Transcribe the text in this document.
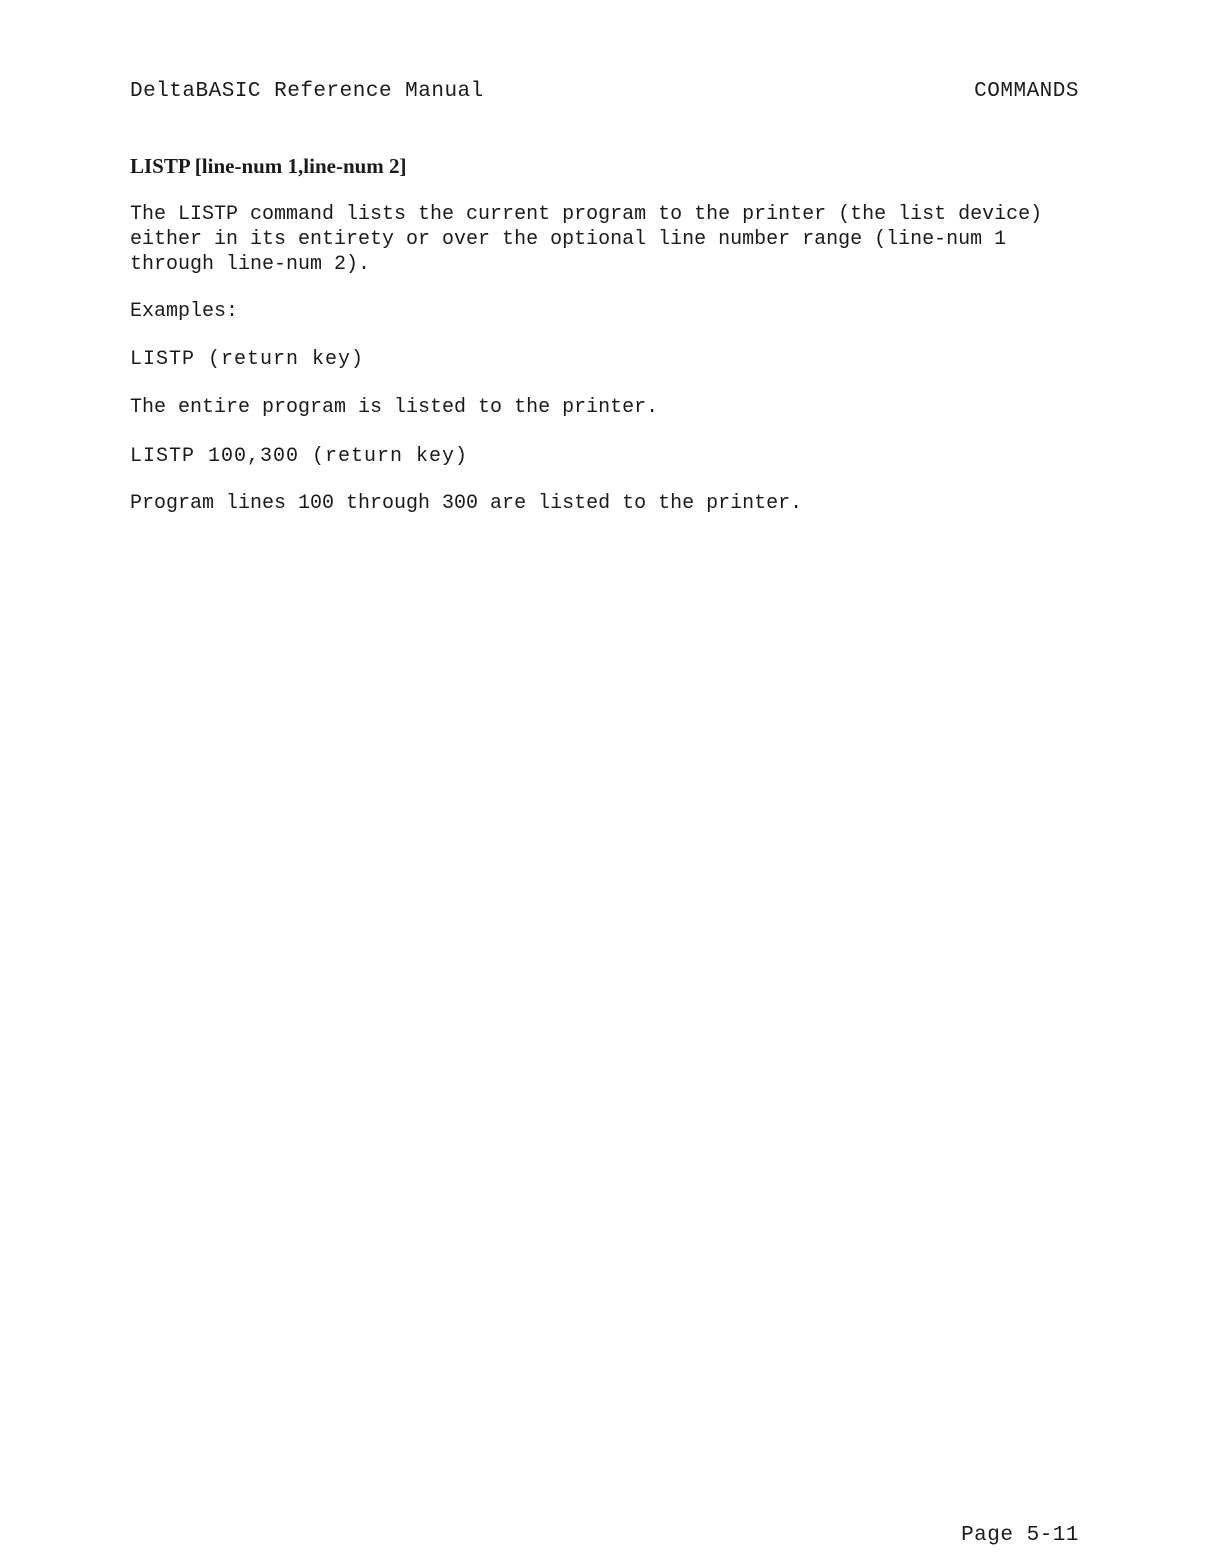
DeltaBASIC Reference Manual	COMMANDS
LISTP [line-num 1,line-num 2]
The LISTP command lists the current program to the printer (the list device)
either in its entirety or over the optional line number range (line-num 1
through line-num 2).
Examples:
LISTP (return key)
The entire program is listed to the printer.
LISTP 100,300 (return key)
Program lines 100 through 300 are listed to the printer.
Page 5-11
